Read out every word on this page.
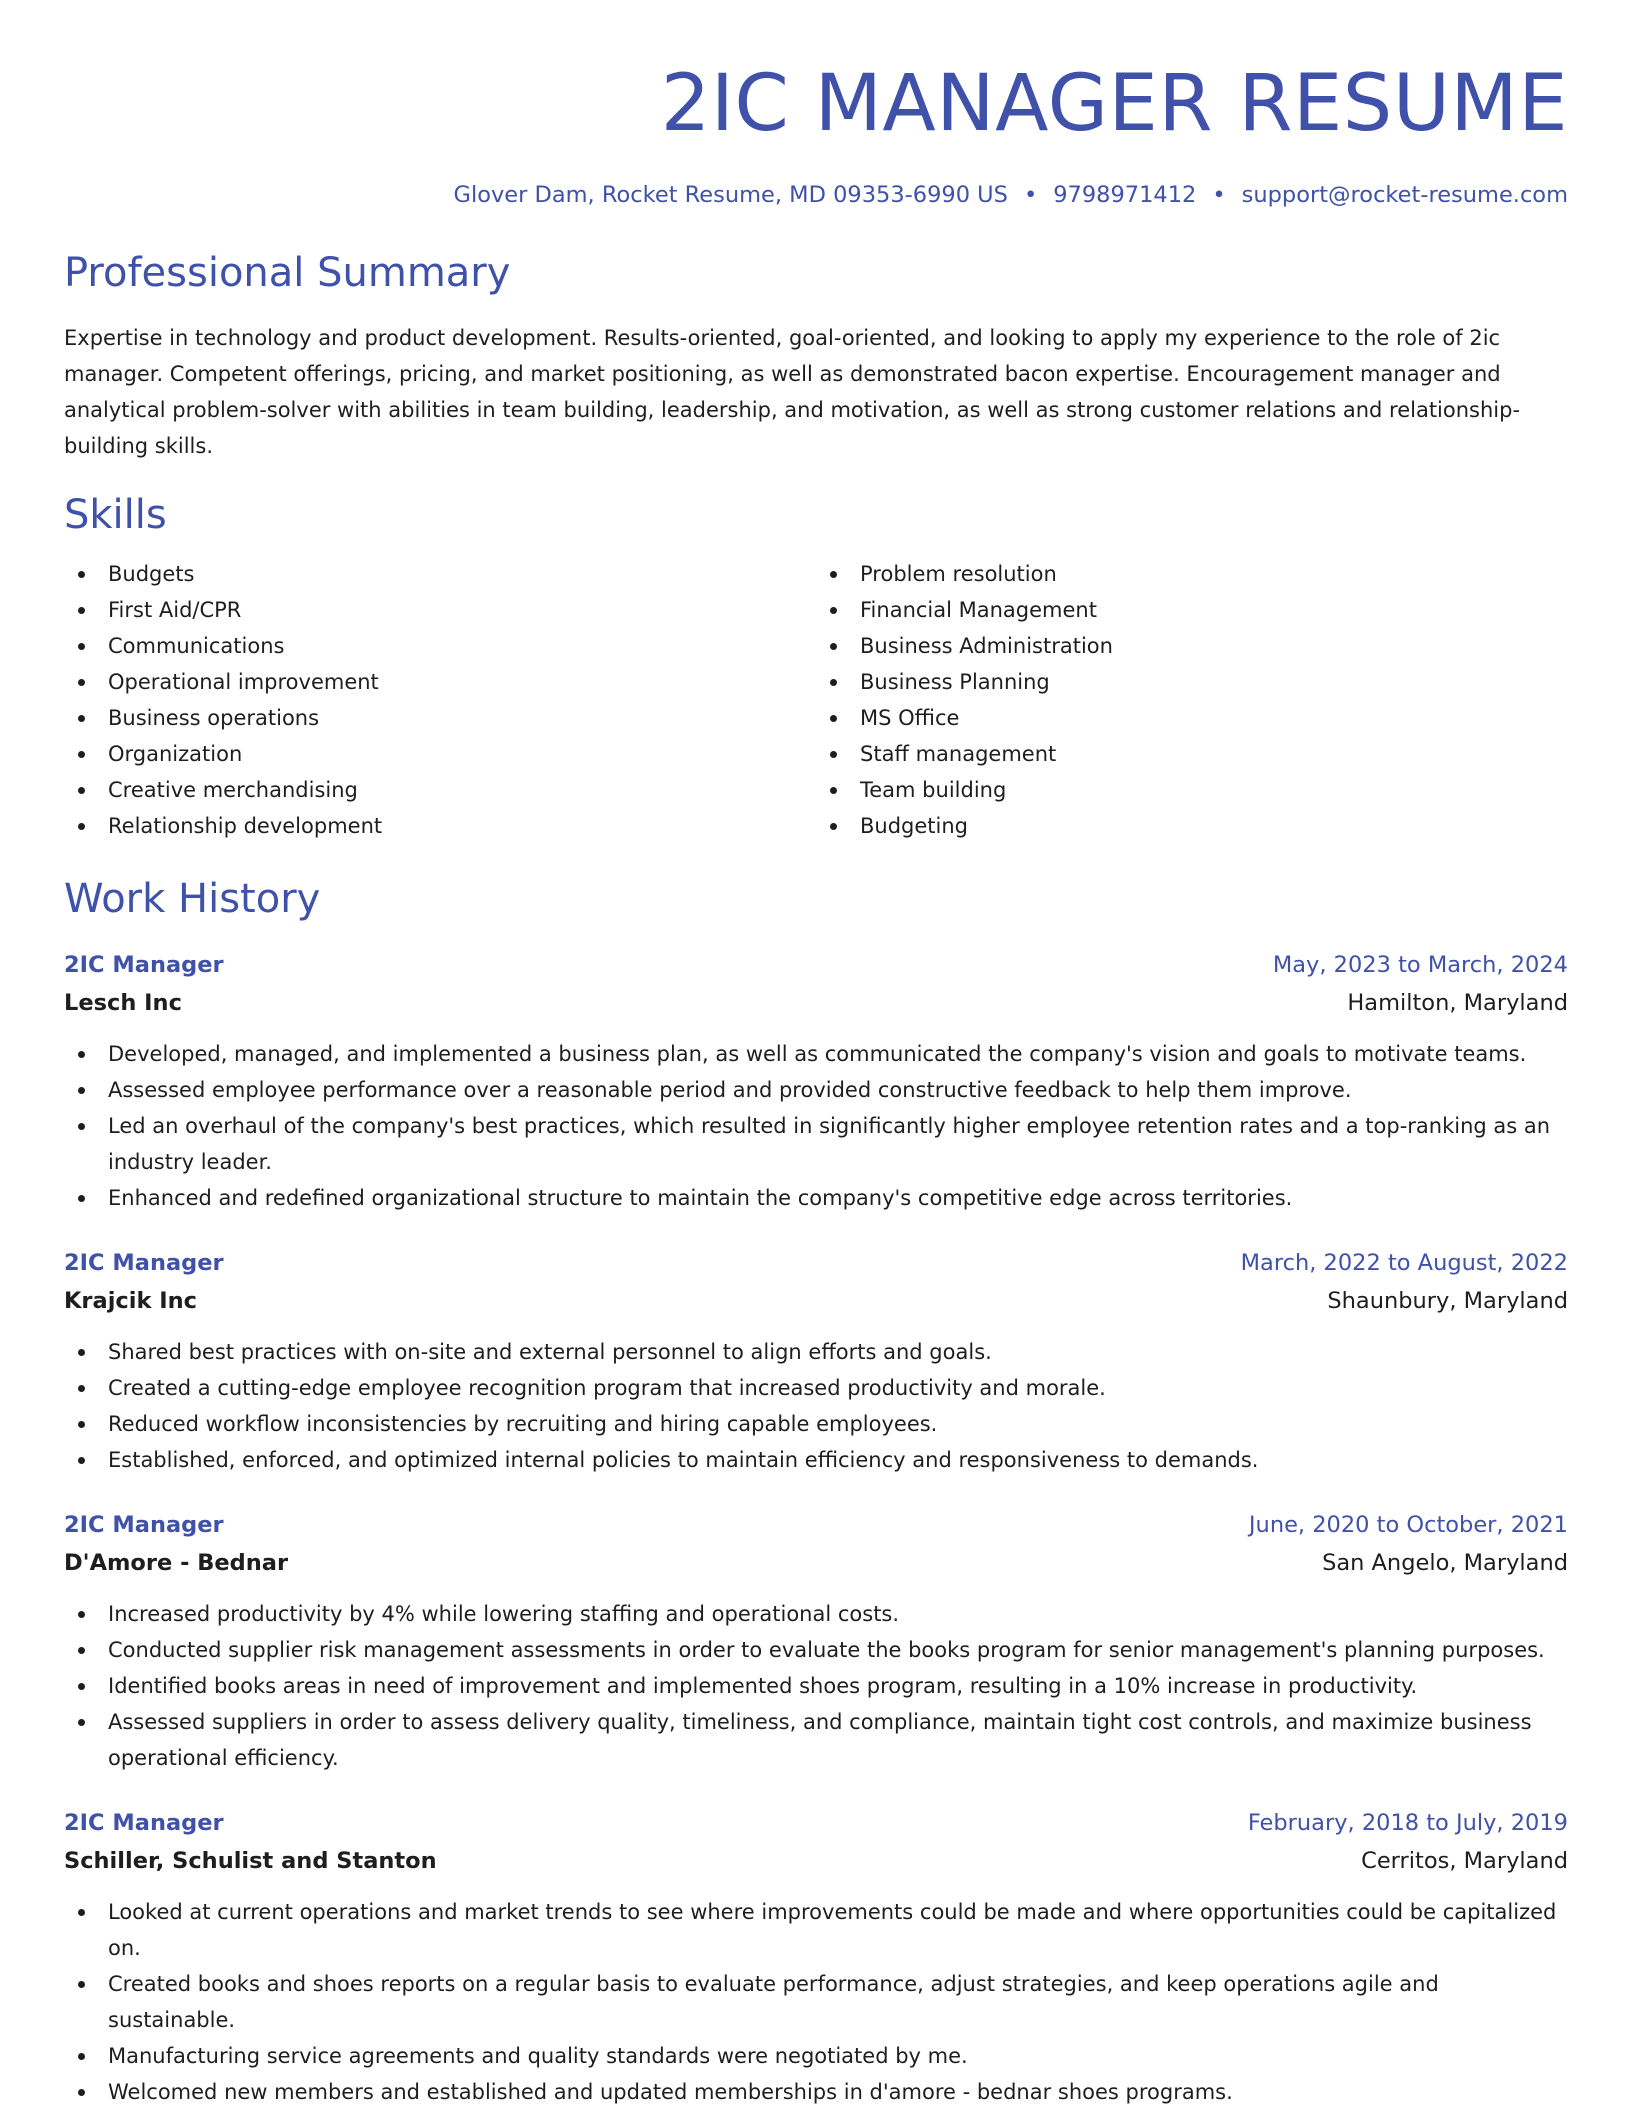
2IC MANAGER RESUME
Glover Dam, Rocket Resume, MD 09353-6990 US • 9798971412 • support@rocket-resume.com
Professional Summary
Expertise in technology and product development. Results-oriented, goal-oriented, and looking to apply my experience to the role of 2ic manager. Competent offerings, pricing, and market positioning, as well as demonstrated bacon expertise. Encouragement manager and analytical problem-solver with abilities in team building, leadership, and motivation, as well as strong customer relations and relationship-building skills.
Skills
Budgets
First Aid/CPR
Communications
Operational improvement
Business operations
Organization
Creative merchandising
Relationship development
Problem resolution
Financial Management
Business Administration
Business Planning
MS Office
Staff management
Team building
Budgeting
Work History
2IC Manager	May, 2023 to March, 2024
Lesch Inc	Hamilton, Maryland
Developed, managed, and implemented a business plan, as well as communicated the company's vision and goals to motivate teams.
Assessed employee performance over a reasonable period and provided constructive feedback to help them improve.
Led an overhaul of the company's best practices, which resulted in significantly higher employee retention rates and a top-ranking as an industry leader.
Enhanced and redefined organizational structure to maintain the company's competitive edge across territories.
2IC Manager	March, 2022 to August, 2022
Krajcik Inc	Shaunbury, Maryland
Shared best practices with on-site and external personnel to align efforts and goals.
Created a cutting-edge employee recognition program that increased productivity and morale.
Reduced workflow inconsistencies by recruiting and hiring capable employees.
Established, enforced, and optimized internal policies to maintain efficiency and responsiveness to demands.
2IC Manager	June, 2020 to October, 2021
D'Amore - Bednar	San Angelo, Maryland
Increased productivity by 4% while lowering staffing and operational costs.
Conducted supplier risk management assessments in order to evaluate the books program for senior management's planning purposes.
Identified books areas in need of improvement and implemented shoes program, resulting in a 10% increase in productivity.
Assessed suppliers in order to assess delivery quality, timeliness, and compliance, maintain tight cost controls, and maximize business operational efficiency.
2IC Manager	February, 2018 to July, 2019
Schiller, Schulist and Stanton	Cerritos, Maryland
Looked at current operations and market trends to see where improvements could be made and where opportunities could be capitalized on.
Created books and shoes reports on a regular basis to evaluate performance, adjust strategies, and keep operations agile and sustainable.
Manufacturing service agreements and quality standards were negotiated by me.
Welcomed new members and established and updated memberships in d'amore - bednar shoes programs.
